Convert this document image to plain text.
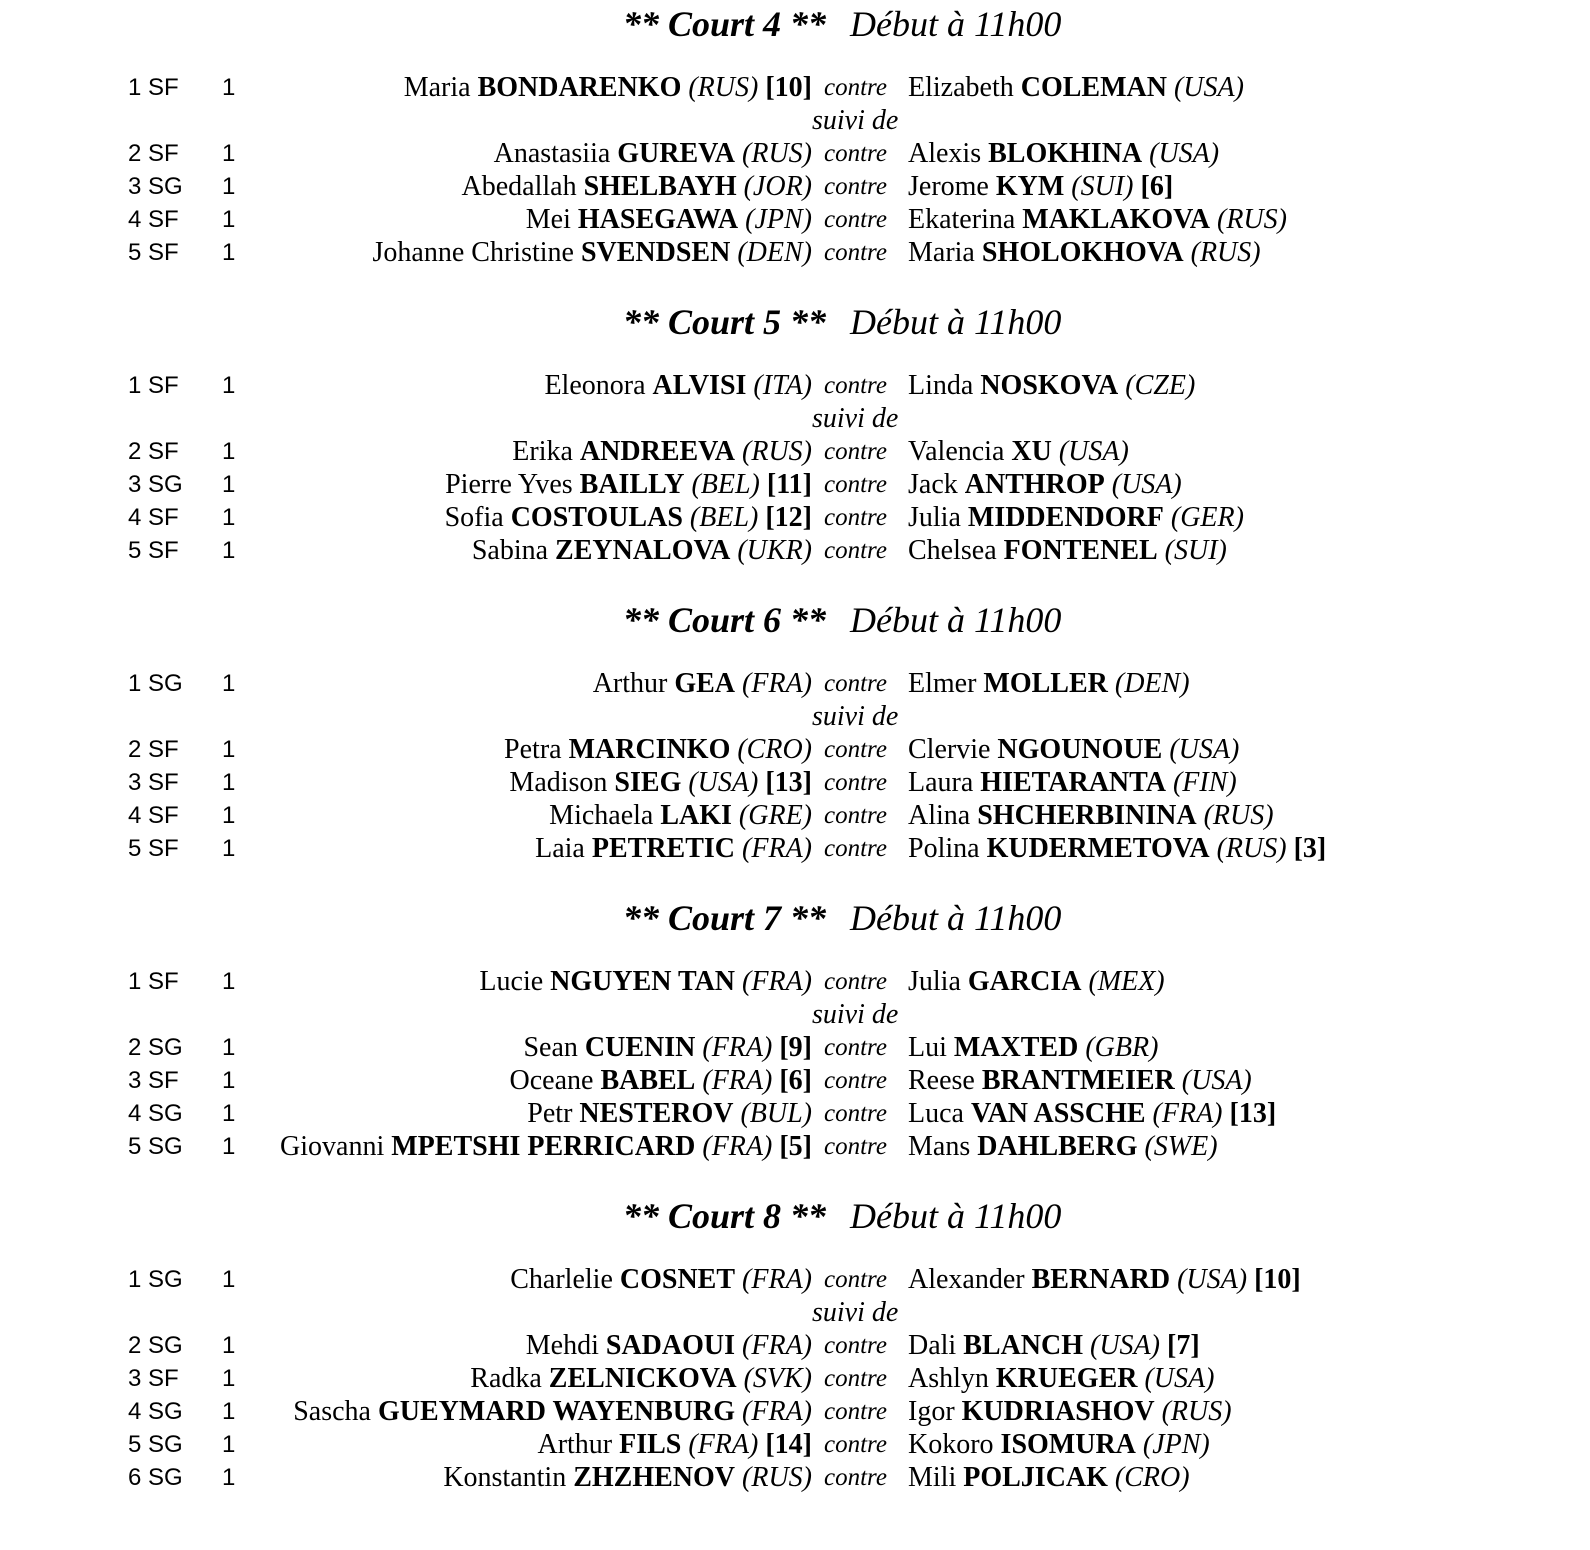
** Court 4 ** Début à 11h00
1 SF	1	Maria BONDARENKO (RUS) [10] contre Elizabeth COLEMAN (USA)
suivi de
2 SF	1	Anastasiia GUREVA (RUS) contre Alexis BLOKHINA (USA)
3 SG	1	Abedallah SHELBAYH (JOR) contre Jerome KYM (SUI) [6]
4 SF	1	Mei HASEGAWA (JPN) contre Ekaterina MAKLAKOVA (RUS)
5 SF	1	Johanne Christine SVENDSEN (DEN) contre Maria SHOLOKHOVA (RUS)
** Court 5 ** Début à 11h00
1 SF	1	Eleonora ALVISI (ITA) contre Linda NOSKOVA (CZE)
suivi de
2 SF	1	Erika ANDREEVA (RUS) contre Valencia XU (USA)
3 SG	1	Pierre Yves BAILLY (BEL) [11] contre Jack ANTHROP (USA)
4 SF	1	Sofia COSTOULAS (BEL) [12] contre Julia MIDDENDORF (GER)
5 SF	1	Sabina ZEYNALOVA (UKR) contre Chelsea FONTENEL (SUI)
** Court 6 ** Début à 11h00
1 SG	1	Arthur GEA (FRA) contre Elmer MOLLER (DEN)
suivi de
2 SF	1	Petra MARCINKO (CRO) contre Clervie NGOUNOUE (USA)
3 SF	1	Madison SIEG (USA) [13] contre Laura HIETARANTA (FIN)
4 SF	1	Michaela LAKI (GRE) contre Alina SHCHERBININA (RUS)
5 SF	1	Laia PETRETIC (FRA) contre Polina KUDERMETOVA (RUS) [3]
** Court 7 ** Début à 11h00
1 SF	1	Lucie NGUYEN TAN (FRA) contre Julia GARCIA (MEX)
suivi de
2 SG	1	Sean CUENIN (FRA) [9] contre Lui MAXTED (GBR)
3 SF	1	Oceane BABEL (FRA) [6] contre Reese BRANTMEIER (USA)
4 SG	1	Petr NESTEROV (BUL) contre Luca VAN ASSCHE (FRA) [13]
5 SG	1	Giovanni MPETSHI PERRICARD (FRA) [5] contre Mans DAHLBERG (SWE)
** Court 8 ** Début à 11h00
1 SG	1	Charlelie COSNET (FRA) contre Alexander BERNARD (USA) [10]
suivi de
2 SG	1	Mehdi SADAOUI (FRA) contre Dali BLANCH (USA) [7]
3 SF	1	Radka ZELNICKOVA (SVK) contre Ashlyn KRUEGER (USA)
4 SG	1	Sascha GUEYMARD WAYENBURG (FRA) contre Igor KUDRIASHOV (RUS)
5 SG	1	Arthur FILS (FRA) [14] contre Kokoro ISOMURA (JPN)
6 SG	1	Konstantin ZHZHENOV (RUS) contre Mili POLJICAK (CRO)
